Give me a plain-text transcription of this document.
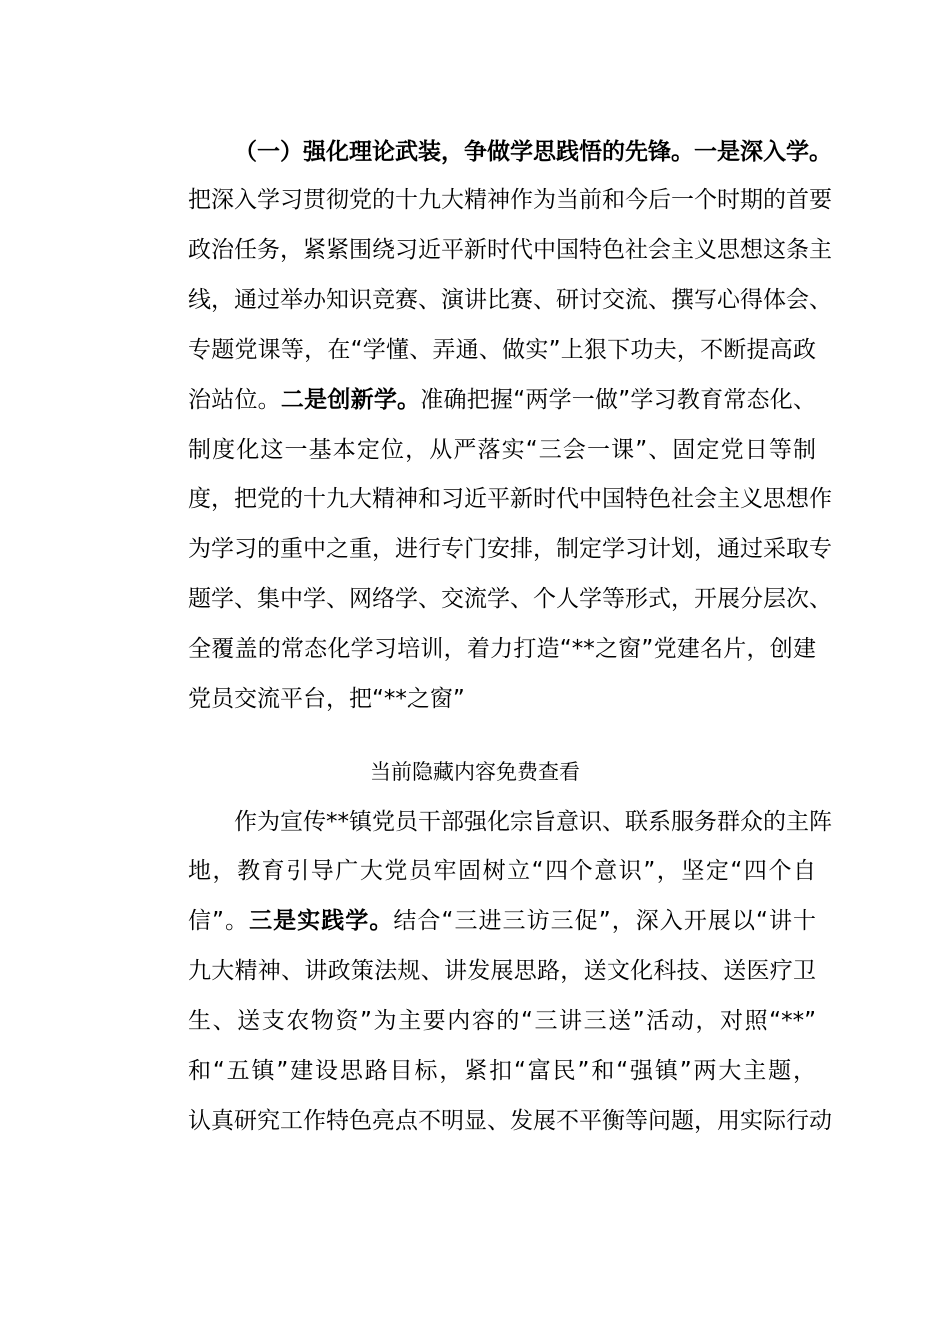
（一）强化理论武装，争做学思践悟的先锋。一是深入学。
把深入学习贯彻党的十九大精神作为当前和今后一个时期的首要
政治任务，紧紧围绕习近平新时代中国特色社会主义思想这条主
线，通过举办知识竞赛、演讲比赛、研讨交流、撰写心得体会、
专题党课等，在“学懂、弄通、做实”上狠下功夫，不断提高政
治站位。二是创新学。准确把握“两学一做”学习教育常态化、
制度化这一基本定位，从严落实“三会一课”、固定党日等制
度，把党的十九大精神和习近平新时代中国特色社会主义思想作
为学习的重中之重，进行专门安排，制定学习计划，通过采取专
题学、集中学、网络学、交流学、个人学等形式，开展分层次、
全覆盖的常态化学习培训，着力打造“**之窗”党建名片，创建
党员交流平台，把“**之窗”
当前隐藏内容免费查看
作为宣传**镇党员干部强化宗旨意识、联系服务群众的主阵
地，教育引导广大党员牢固树立“四个意识”，坚定“四个自
信”。三是实践学。结合“三进三访三促”，深入开展以“讲十
九大精神、讲政策法规、讲发展思路，送文化科技、送医疗卫
生、送支农物资”为主要内容的“三讲三送”活动，对照“**”
和“五镇”建设思路目标，紧扣“富民”和“强镇”两大主题，
认真研究工作特色亮点不明显、发展不平衡等问题，用实际行动
